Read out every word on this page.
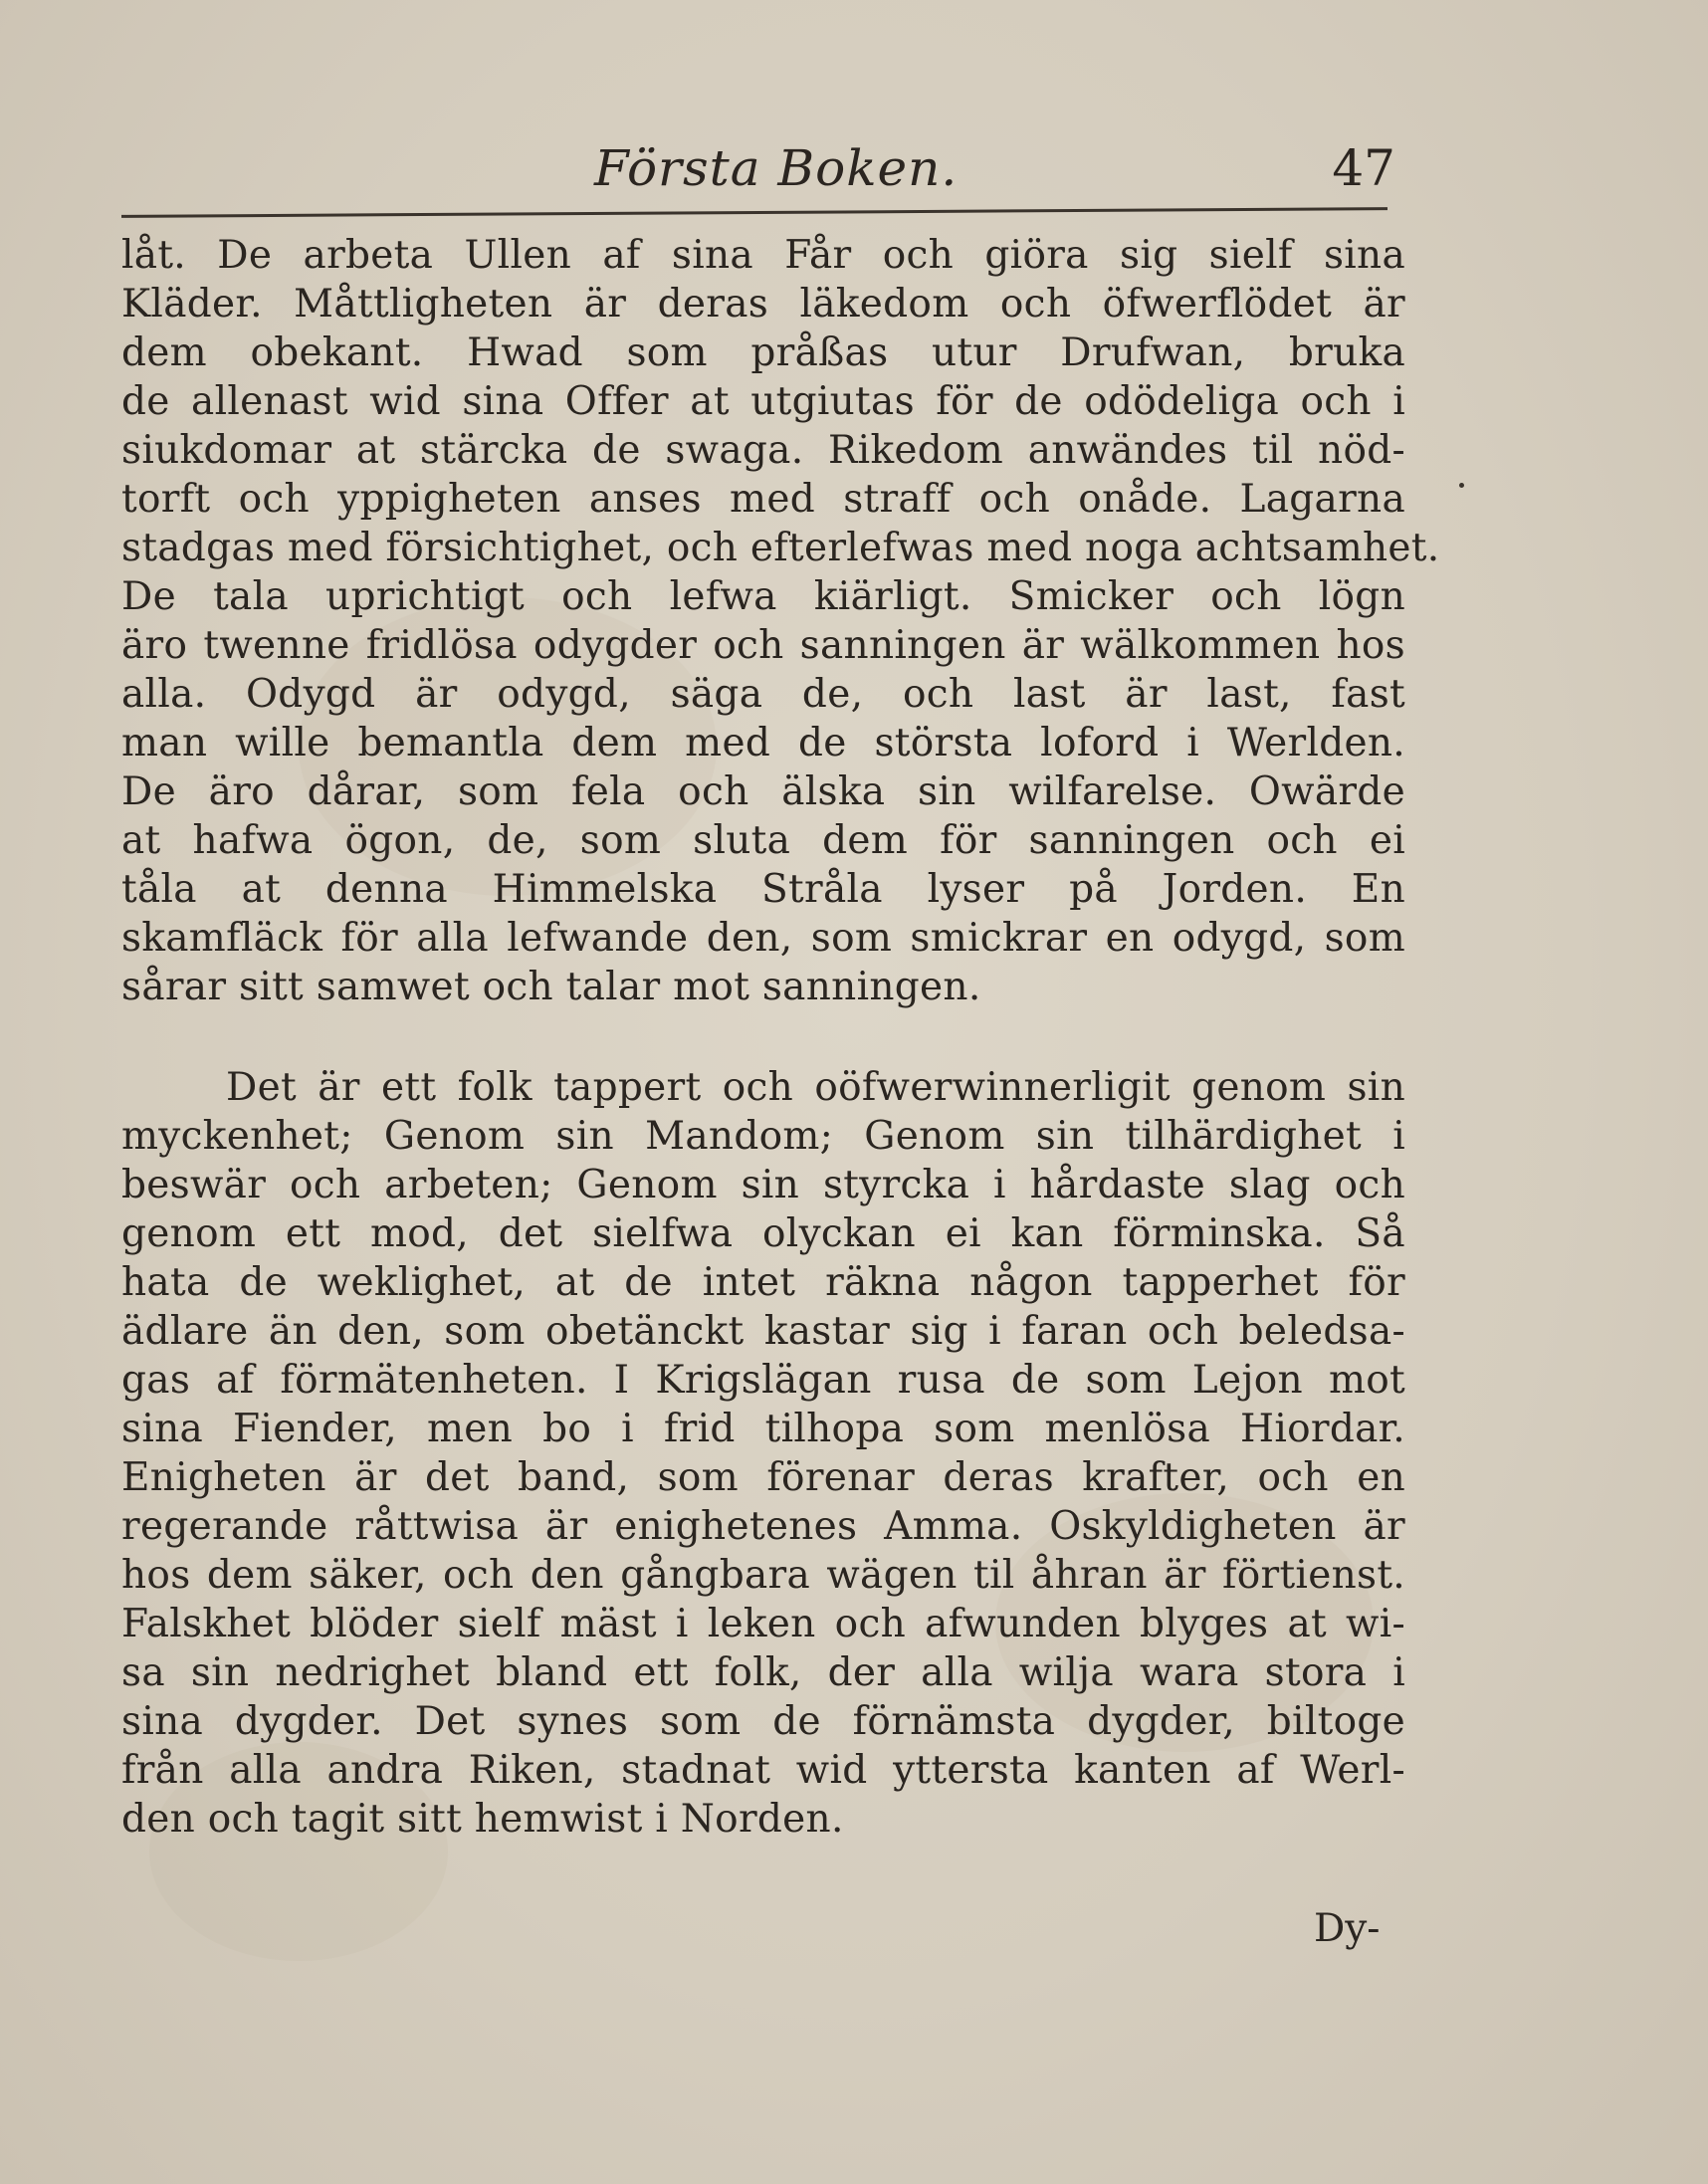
Första Boken.	47
låt. De arbeta Ullen af sina Får och giöra sig sielf sina
Kläder. Måttligheten är deras läkedom och öfwerflödet är
dem obekant. Hwad som pråßas utur Drufwan, bruka
de allenast wid sina Offer at utgiutas för de odödeliga och i
siukdomar at stärcka de swaga. Rikedom anwändes til nöd-
torft och yppigheten anses med straff och onåde. Lagarna
stadgas med försichtighet, och efterlefwas med noga achtsamhet.
De tala uprichtigt och lefwa kiärligt. Smicker och lögn
äro twenne fridlösa odygder och sanningen är wälkommen hos
alla. Odygd är odygd, säga de, och last är last, fast
man wille bemantla dem med de största loford i Werlden.
De äro dårar, som fela och älska sin wilfarelse. Owärde
at hafwa ögon, de, som sluta dem för sanningen och ei
tåla at denna Himmelska Stråla lyser på Jorden. En
skamfläck för alla lefwande den, som smickrar en odygd, som
sårar sitt samwet och talar mot sanningen.
Det är ett folk tappert och oöfwerwinnerligit genom sin
myckenhet; Genom sin Mandom; Genom sin tilhärdighet i
beswär och arbeten; Genom sin styrcka i hårdaste slag och
genom ett mod, det sielfwa olyckan ei kan förminska. Så
hata de weklighet, at de intet räkna någon tapperhet för
ädlare än den, som obetänckt kastar sig i faran och beledsa-
gas af förmätenheten. I Krigslägan rusa de som Lejon mot
sina Fiender, men bo i frid tilhopa som menlösa Hiordar.
Enigheten är det band, som förenar deras krafter, och en
regerande råttwisa är enighetenes Amma. Oskyldigheten är
hos dem säker, och den gångbara wägen til åhran är förtienst.
Falskhet blöder sielf mäst i leken och afwunden blyges at wi-
sa sin nedrighet bland ett folk, der alla wilja wara stora i
sina dygder. Det synes som de förnämsta dygder, biltoge
från alla andra Riken, stadnat wid yttersta kanten af Werl-
den och tagit sitt hemwist i Norden.
Dy-
